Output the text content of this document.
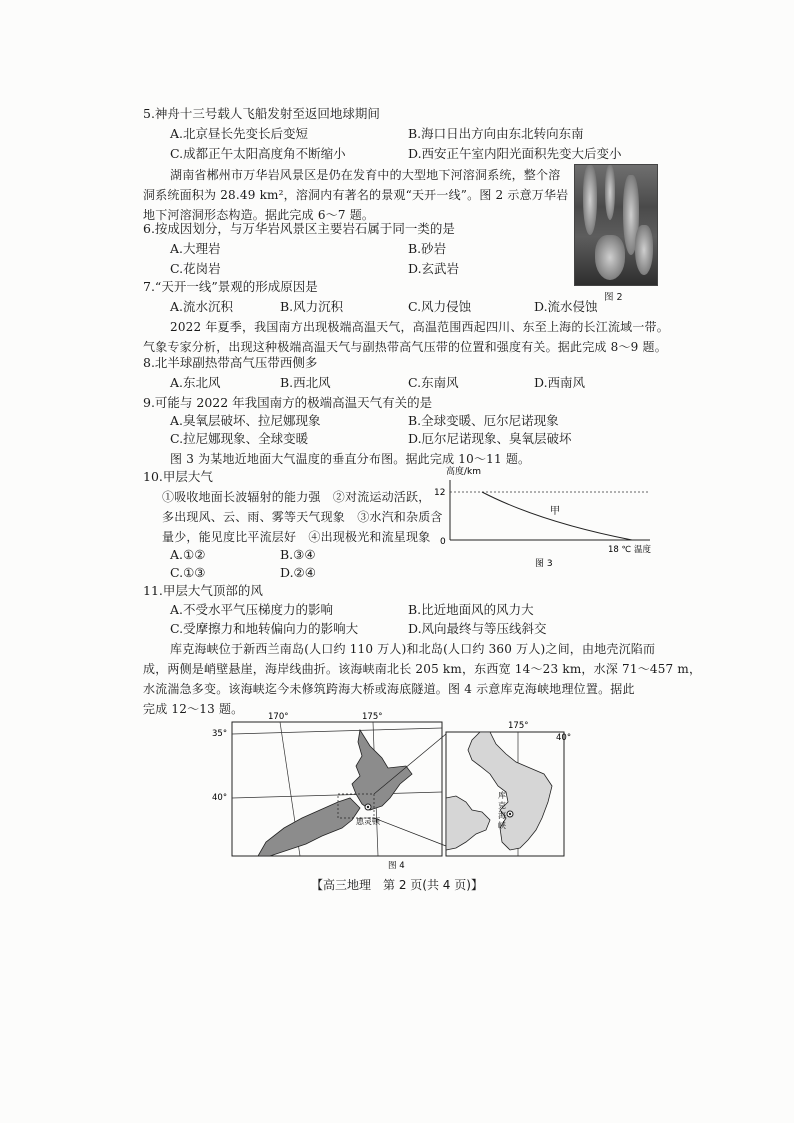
5.神舟十三号载人飞船发射至返回地球期间
A.北京昼长先变长后变短	B.海口日出方向由东北转向东南
C.成都正午太阳高度角不断缩小	D.西安正午室内阳光面积先变大后变小
湖南省郴州市万华岩风景区是仍在发育中的大型地下河溶洞系统，整个溶
洞系统面积为 28.49 km²，溶洞内有著名的景观“天开一线”。图 2 示意万华岩
地下河溶洞形态构造。据此完成 6～7 题。
图 2
6.按成因划分，与万华岩风景区主要岩石属于同一类的是
A.大理岩	B.砂岩
C.花岗岩	D.玄武岩
7.“天开一线”景观的形成原因是
A.流水沉积	B.风力沉积	C.风力侵蚀	D.流水侵蚀
2022 年夏季，我国南方出现极端高温天气，高温范围西起四川、东至上海的长江流域一带。
气象专家分析，出现这种极端高温天气与副热带高气压带的位置和强度有关。据此完成 8～9 题。
8.北半球副热带高气压带西侧多
A.东北风	B.西北风	C.东南风	D.西南风
9.可能与 2022 年我国南方的极端高温天气有关的是
A.臭氧层破坏、拉尼娜现象	B.全球变暖、厄尔尼诺现象
C.拉尼娜现象、全球变暖	D.厄尔尼诺现象、臭氧层破坏
图 3 为某地近地面大气温度的垂直分布图。据此完成 10～11 题。
10.甲层大气
①吸收地面长波辐射的能力强　②对流运动活跃，
多出现风、云、雨、雾等天气现象　③水汽和杂质含
量少，能见度比平流层好　④出现极光和流星现象
A.①②	B.③④
C.①③	D.②④
高度/km
12
0
甲
18 ℃ 温度
图 3
11.甲层大气顶部的风
A.不受水平气压梯度力的影响	B.比近地面风的风力大
C.受摩擦力和地转偏向力的影响大	D.风向最终与等压线斜交
库克海峡位于新西兰南岛(人口约 110 万人)和北岛(人口约 360 万人)之间，由地壳沉陷而
成，两侧是峭壁悬崖，海岸线曲折。该海峡南北长 205 km，东西宽 14～23 km，水深 71～457 m，
水流湍急多变。该海峡迄今未修筑跨海大桥或海底隧道。图 4 示意库克海峡地理位置。据此
完成 12～13 题。
惠灵顿
170°	175°
35°
40°	库
克
海
峡
175°
40°
图 4
【高三地理　第 2 页(共 4 页)】
